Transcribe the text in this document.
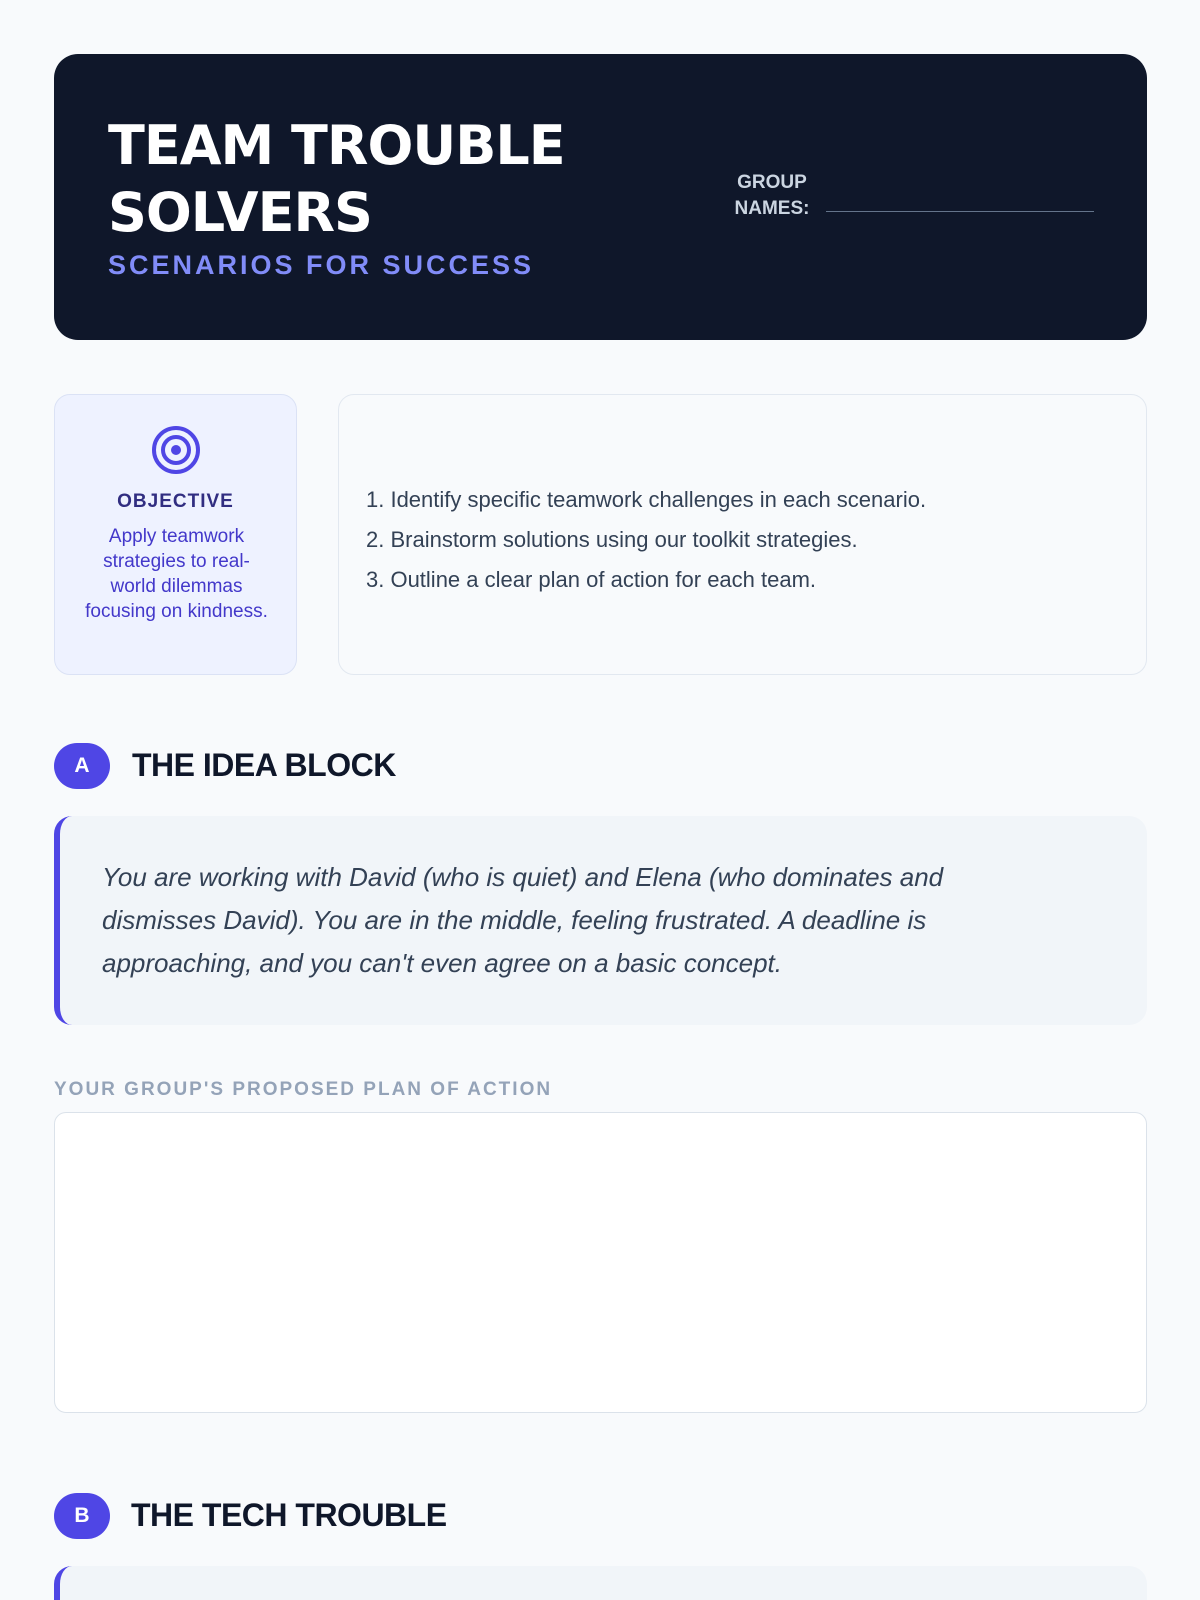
TEAM TROUBLE
SOLVERS
SCENARIOS FOR SUCCESS
GROUP
NAMES:
OBJECTIVE
Apply teamwork strategies to real-world dilemmas focusing on kindness.
1. Identify specific teamwork challenges in each scenario.
2. Brainstorm solutions using our toolkit strategies.
3. Outline a clear plan of action for each team.
A	THE IDEA BLOCK
You are working with David (who is quiet) and Elena (who dominates and dismisses David). You are in the middle, feeling frustrated. A deadline is approaching, and you can't even agree on a basic concept.
YOUR GROUP'S PROPOSED PLAN OF ACTION
B	THE TECH TROUBLE
